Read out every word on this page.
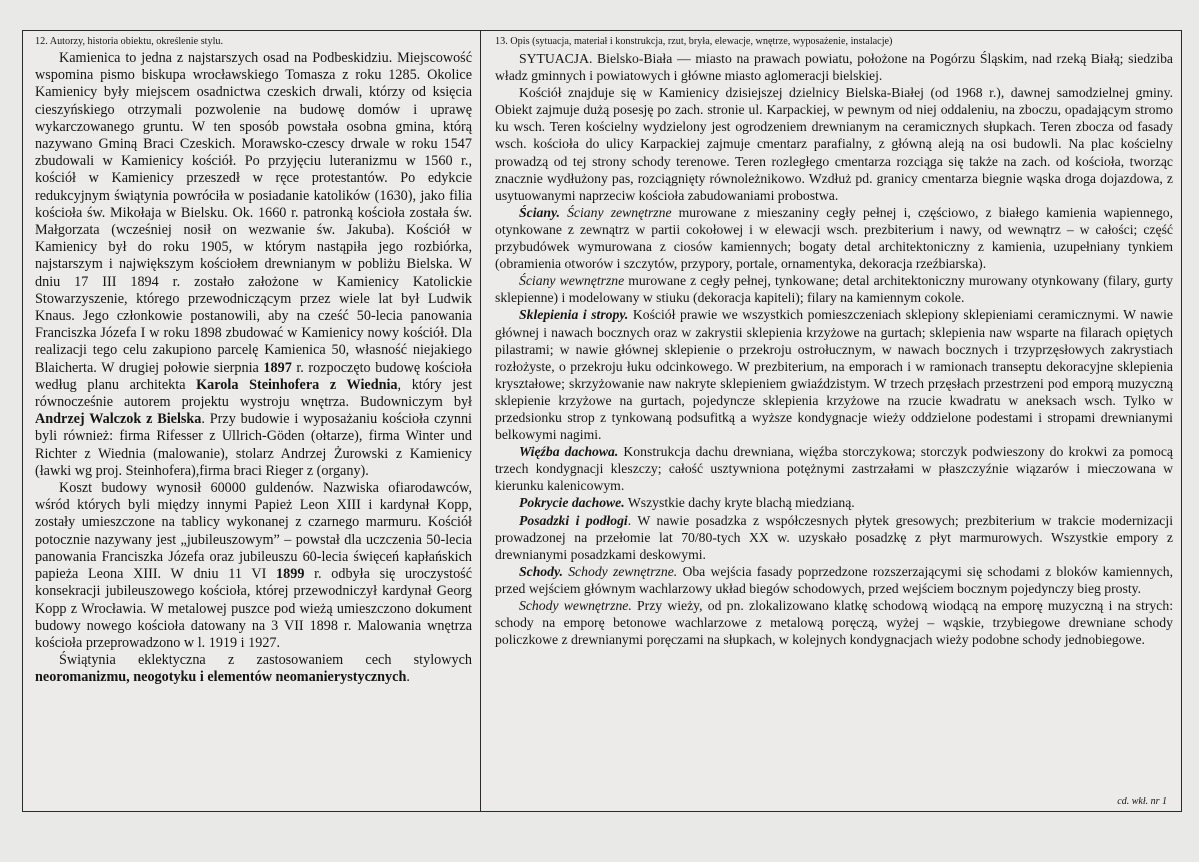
12. Autorzy, historia obiektu, określenie stylu.

Kamienica to jedna z najstarszych osad na Podbeskidziu. Miejscowość wspomina pismo biskupa wrocławskiego Tomasza z roku 1285. Okolice Kamienicy były miejscem osadnictwa czeskich drwali, którzy od księcia cieszyńskiego otrzymali pozwolenie na budowę domów i uprawę wykarczowanego gruntu. W ten sposób powstała osobna gmina, którą nazywano Gminą Braci Czeskich. Morawsko-czescy drwale w roku 1547 zbudowali w Kamienicy kościół. Po przyjęciu luteranizmu w 1560 r., kościół w Kamienicy przeszedł w ręce protestantów. Po edykcie redukcyjnym świątynia powróciła w posiadanie katolików (1630), jako filia kościoła św. Mikołaja w Bielsku. Ok. 1660 r. patronką kościoła została św. Małgorzata (wcześniej nosił on wezwanie św. Jakuba). Kościół w Kamienicy był do roku 1905, w którym nastąpiła jego rozbiórka, najstarszym i największym kościołem drewnianym w pobliżu Bielska. W dniu 17 III 1894 r. zostało założone w Kamienicy Katolickie Stowarzyszenie, którego przewodniczącym przez wiele lat był Ludwik Knaus. Jego członkowie postanowili, aby na cześć 50-lecia panowania Franciszka Józefa I w roku 1898 zbudować w Kamienicy nowy kościół. Dla realizacji tego celu zakupiono parcelę Kamienica 50, własność niejakiego Blaicherta. W drugiej połowie sierpnia 1897 r. rozpoczęto budowę kościoła według planu architekta Karola Steinhofera z Wiednia, który jest równocześnie autorem projektu wystroju wnętrza. Budowniczym był Andrzej Walczok z Bielska. Przy budowie i wyposażaniu kościoła czynni byli również: firma Rifesser z Ullrich-Göden (ołtarze), firma Winter und Richter z Wiednia (malowanie), stolarz Andrzej Żurowski z Kamienicy (ławki wg proj. Steinhofera),firma braci Rieger z (organy).

Koszt budowy wynosił 60000 guldenów. Nazwiska ofiarodawców, wśród których byli między innymi Papież Leon XIII i kardynał Kopp, zostały umieszczone na tablicy wykonanej z czarnego marmuru. Kościół potocznie nazywany jest „jubileuszowym” – powstał dla uczczenia 50-lecia panowania Franciszka Józefa oraz jubileuszu 60-lecia święceń kapłańskich papieża Leona XIII. W dniu 11 VI 1899 r. odbyła się uroczystość konsekracji jubileuszowego kościoła, której przewodniczył kardynał Georg Kopp z Wrocławia. W metalowej puszce pod wieżą umieszczono dokument budowy nowego kościoła datowany na 3 VII 1898 r. Malowania wnętrza kościoła przeprowadzono w l. 1919 i 1927.

Świątynia eklektyczna z zastosowaniem cech stylowych neoromanizmu, neogotyku i elementów neomanierystycznych.

13. Opis (sytuacja, materiał i konstrukcja, rzut, bryła, elewacje, wnętrze, wyposażenie, instalacje)

SYTUACJA. Bielsko-Biała — miasto na prawach powiatu, położone na Pogórzu Śląskim, nad rzeką Białą; siedziba władz gminnych i powiatowych i główne miasto aglomeracji bielskiej.

Kościół znajduje się w Kamienicy dzisiejszej dzielnicy Bielska-Białej (od 1968 r.), dawnej samodzielnej gminy. Obiekt zajmuje dużą posesję po zach. stronie ul. Karpackiej, w pewnym od niej oddaleniu, na zboczu, opadającym stromo ku wsch. Teren kościelny wydzielony jest ogrodzeniem drewnianym na ceramicznych słupkach. Teren zbocza od fasady wsch. kościoła do ulicy Karpackiej zajmuje cmentarz parafialny, z główną aleją na osi budowli. Na plac kościelny prowadzą od tej strony schody terenowe. Teren rozległego cmentarza rozciąga się także na zach. od kościoła, tworząc znacznie wydłużony pas, rozciągnięty równoleżnikowo. Wzdłuż pd. granicy cmentarza biegnie wąska droga dojazdowa, z usytuowanymi naprzeciw kościoła zabudowaniami probostwa.

Ściany. Ściany zewnętrzne murowane z mieszaniny cegły pełnej i, częściowo, z białego kamienia wapiennego, otynkowane z zewnątrz w partii cokołowej i w elewacji wsch. prezbiterium i nawy, od wewnątrz – w całości; część przybudówek wymurowana z ciosów kamiennych; bogaty detal architektoniczny z kamienia, uzupełniany tynkiem (obramienia otworów i szczytów, przypory, portale, ornamentyka, dekoracja rzeźbiarska).

Ściany wewnętrzne murowane z cegły pełnej, tynkowane; detal architektoniczny murowany otynkowany (filary, gurty sklepienne) i modelowany w stiuku (dekoracja kapiteli); filary na kamiennym cokole.

Sklepienia i stropy. Kościół prawie we wszystkich pomieszczeniach sklepiony sklepieniami ceramicznymi. W nawie głównej i nawach bocznych oraz w zakrystii sklepienia krzyżowe na gurtach; sklepienia naw wsparte na filarach opiętych pilastrami; w nawie głównej sklepienie o przekroju ostrołucznym, w nawach bocznych i trzyprzęsłowych zakrystiach rozłożyste, o przekroju łuku odcinkowego. W prezbiterium, na emporach i w ramionach transeptu dekoracyjne sklepienia kryształowe; skrzyżowanie naw nakryte sklepieniem gwiaździstym. W trzech przęsłach przestrzeni pod emporą muzyczną sklepienie krzyżowe na gurtach, pojedyncze sklepienia krzyżowe na rzucie kwadratu w aneksach wsch. Tylko w przedsionku strop z tynkowaną podsufitką a wyższe kondygnacje wieży oddzielone podestami i stropami drewnianymi belkowymi nagimi.

Więźba dachowa. Konstrukcja dachu drewniana, więźba storczykowa; storczyk podwieszony do krokwi za pomocą trzech kondygnacji kleszczy; całość usztywniona potężnymi zastrzałami w płaszczyźnie wiązarów i mieczowana w kierunku kalenicowym.

Pokrycie dachowe. Wszystkie dachy kryte blachą miedzianą.

Posadzki i podłogi. W nawie posadzka z współczesnych płytek gresowych; prezbiterium w trakcie modernizacji prowadzonej na przełomie lat 70/80-tych XX w. uzyskało posadzkę z płyt marmurowych. Wszystkie empory z drewnianymi posadzkami deskowymi.

Schody. Schody zewnętrzne. Oba wejścia fasady poprzedzone rozszerzającymi się schodami z bloków kamiennych, przed wejściem głównym wachlarzowy układ biegów schodowych, przed wejściem bocznym pojedynczy bieg prosty.

Schody wewnętrzne. Przy wieży, od pn. zlokalizowano klatkę schodową wiodącą na emporę muzyczną i na strych: schody na emporę betonowe wachlarzowe z metalową poręczą, wyżej – wąskie, trzybiegowe drewniane schody policzkowe z drewnianymi poręczami na słupkach, w kolejnych kondygnacjach wieży podobne schody jednobiegowe.

cd. wkł. nr 1
